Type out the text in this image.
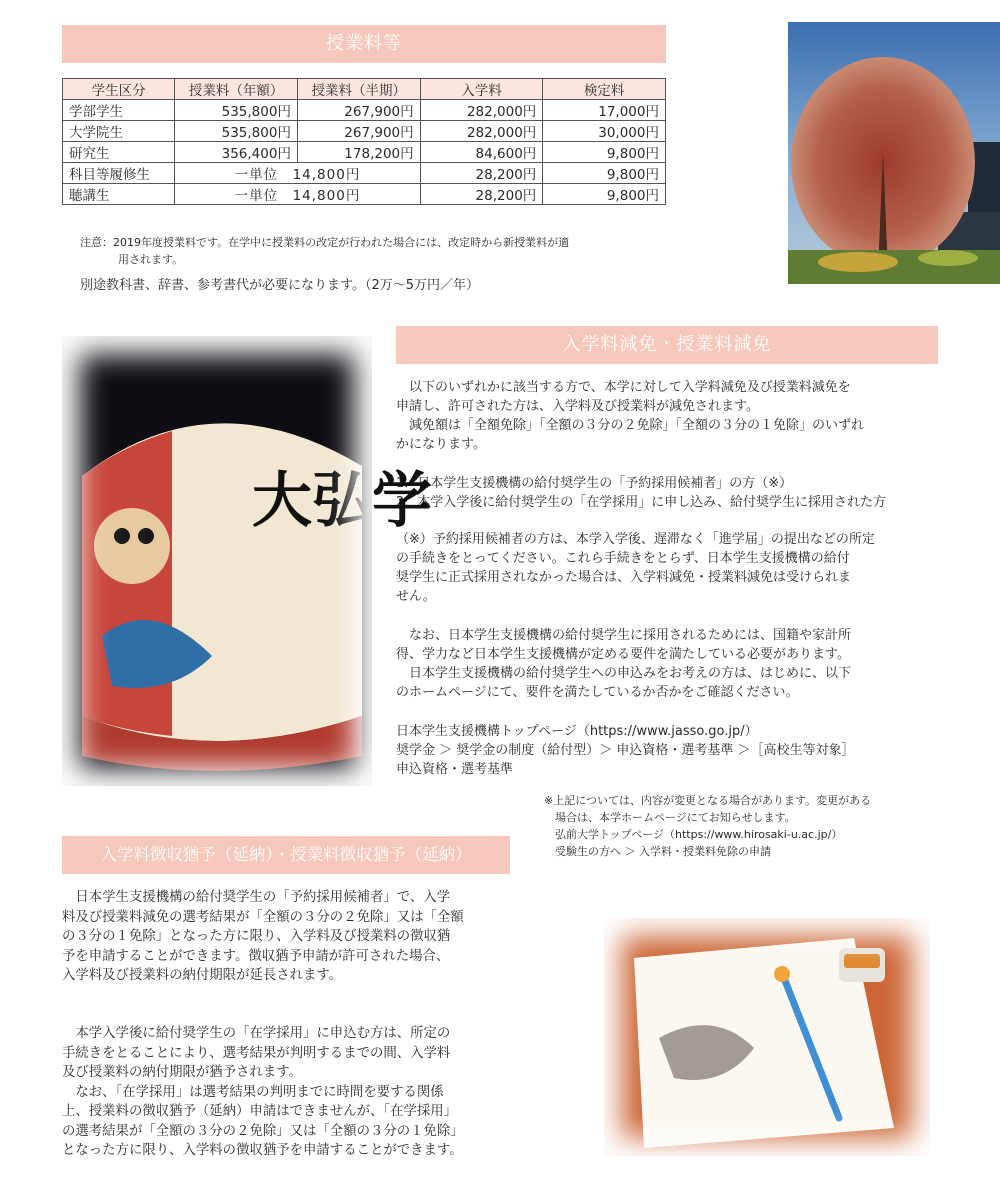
授業料等
学生区分	授業料（年額）	授業料（半期）	入学料	検定料
学部学生	535,800円	267,900円	282,000円	17,000円
大学院生	535,800円	267,900円	282,000円	30,000円
研究生	356,400円	178,200円	84,600円	9,800円
科目等履修生	一単位　14,800円		28,200円	9,800円
聴講生	一単位　14,800円		28,200円	9,800円
注意：2019年度授業料です。在学中に授業料の改定が行われた場合には、改定時から新授業料が適
用されます。
別途教科書、辞書、参考書代が必要になります。（2万～5万円／年）
入学料減免・授業料減免
　以下のいずれかに該当する方で、本学に対して入学料減免及び授業料減免を
申請し、許可された方は、入学料及び授業料が減免されます。
　減免額は「全額免除」「全額の３分の２免除」「全額の３分の１免除」のいずれ
かになります。
1．日本学生支援機構の給付奨学生の「予約採用候補者」の方（※）
2．本学入学後に給付奨学生の「在学採用」に申し込み、給付奨学生に採用された方
（※）予約採用候補者の方は、本学入学後、遅滞なく「進学届」の提出などの所定
の手続きをとってください。これら手続きをとらず、日本学生支援機構の給付
奨学生に正式採用されなかった場合は、入学料減免・授業料減免は受けられま
せん。
　なお、日本学生支援機構の給付奨学生に採用されるためには、国籍や家計所
得、学力など日本学生支援機構が定める要件を満たしている必要があります。
　日本学生支援機構の給付奨学生への申込みをお考えの方は、はじめに、以下
のホームページにて、要件を満たしているか否かをご確認ください。
日本学生支援機構トップページ（https://www.jasso.go.jp/）
奨学金 ＞ 奨学金の制度（給付型）＞ 申込資格・選考基準 ＞［高校生等対象］
申込資格・選考基準
※上記については、内容が変更となる場合があります。変更がある
　場合は、本学ホームページにてお知らせします。
　弘前大学トップページ（https://www.hirosaki-u.ac.jp/）
　受験生の方へ ＞ 入学料・授業料免除の申請
大弘学
入学料徴収猶予（延納）・授業料徴収猶予（延納）
　日本学生支援機構の給付奨学生の「予約採用候補者」で、入学
料及び授業料減免の選考結果が「全額の３分の２免除」又は「全額
の３分の１免除」となった方に限り、入学料及び授業料の徴収猶
予を申請することができます。徴収猶予申請が許可された場合、
入学料及び授業料の納付期限が延長されます。
　本学入学後に給付奨学生の「在学採用」に申込む方は、所定の
手続きをとることにより、選考結果が判明するまでの間、入学料
及び授業料の納付期限が猶予されます。
　なお、「在学採用」は選考結果の判明までに時間を要する関係
上、授業料の徴収猶予（延納）申請はできませんが、「在学採用」
の選考結果が「全額の３分の２免除」又は「全額の３分の１免除」
となった方に限り、入学料の徴収猶予を申請することができます。
